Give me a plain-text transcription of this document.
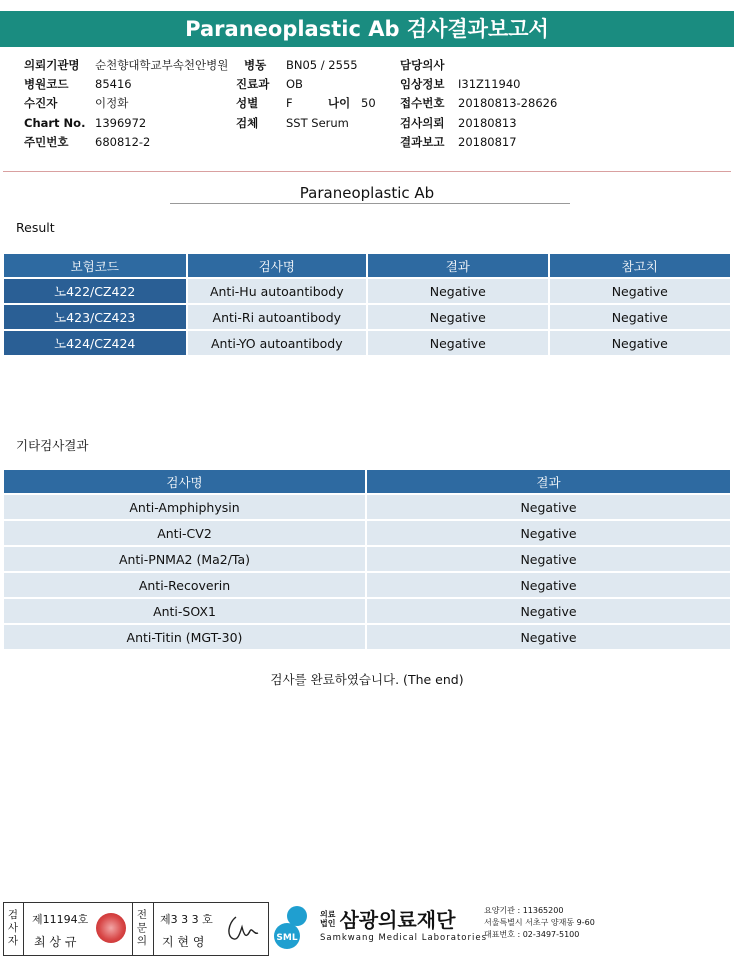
Paraneoplastic Ab 검사결과보고서
의뢰기관명 순천향대학교부속천안병원 병동 BN05 / 2555	담당의사
병원코드 85416	진료과 OB	임상정보 I31Z11940
수진자	이정화	성별 F	나이 50 접수번호 20180813-28626
Chart No. 1396972	검체 SST Serum	검사의뢰 20180813
주민번호 680812-2	결과보고 20180817
Paraneoplastic Ab
Result
보험코드	검사명	결과	참고치
노422/CZ422	Anti-Hu autoantibody	Negative	Negative
노423/CZ423	Anti-Ri autoantibody	Negative	Negative
노424/CZ424	Anti-YO autoantibody	Negative	Negative
기타검사결과
검사명	결과
Anti-Amphiphysin	Negative
Anti-CV2	Negative
Anti-PNMA2 (Ma2/Ta)	Negative
Anti-Recoverin	Negative
Anti-SOX1	Negative
Anti-Titin (MGT-30)	Negative
검사를 완료하였습니다. (The end)
검
사
자
제11194호
최 상 규
전
문
의
제3 3 3 호
지 현 영	SML
의료
법인 삼광의료재단
Samkwang Medical Laboratories
요양기관 : 11365200
서울특별시 서초구 양재동 9-60
대표번호 : 02-3497-5100
